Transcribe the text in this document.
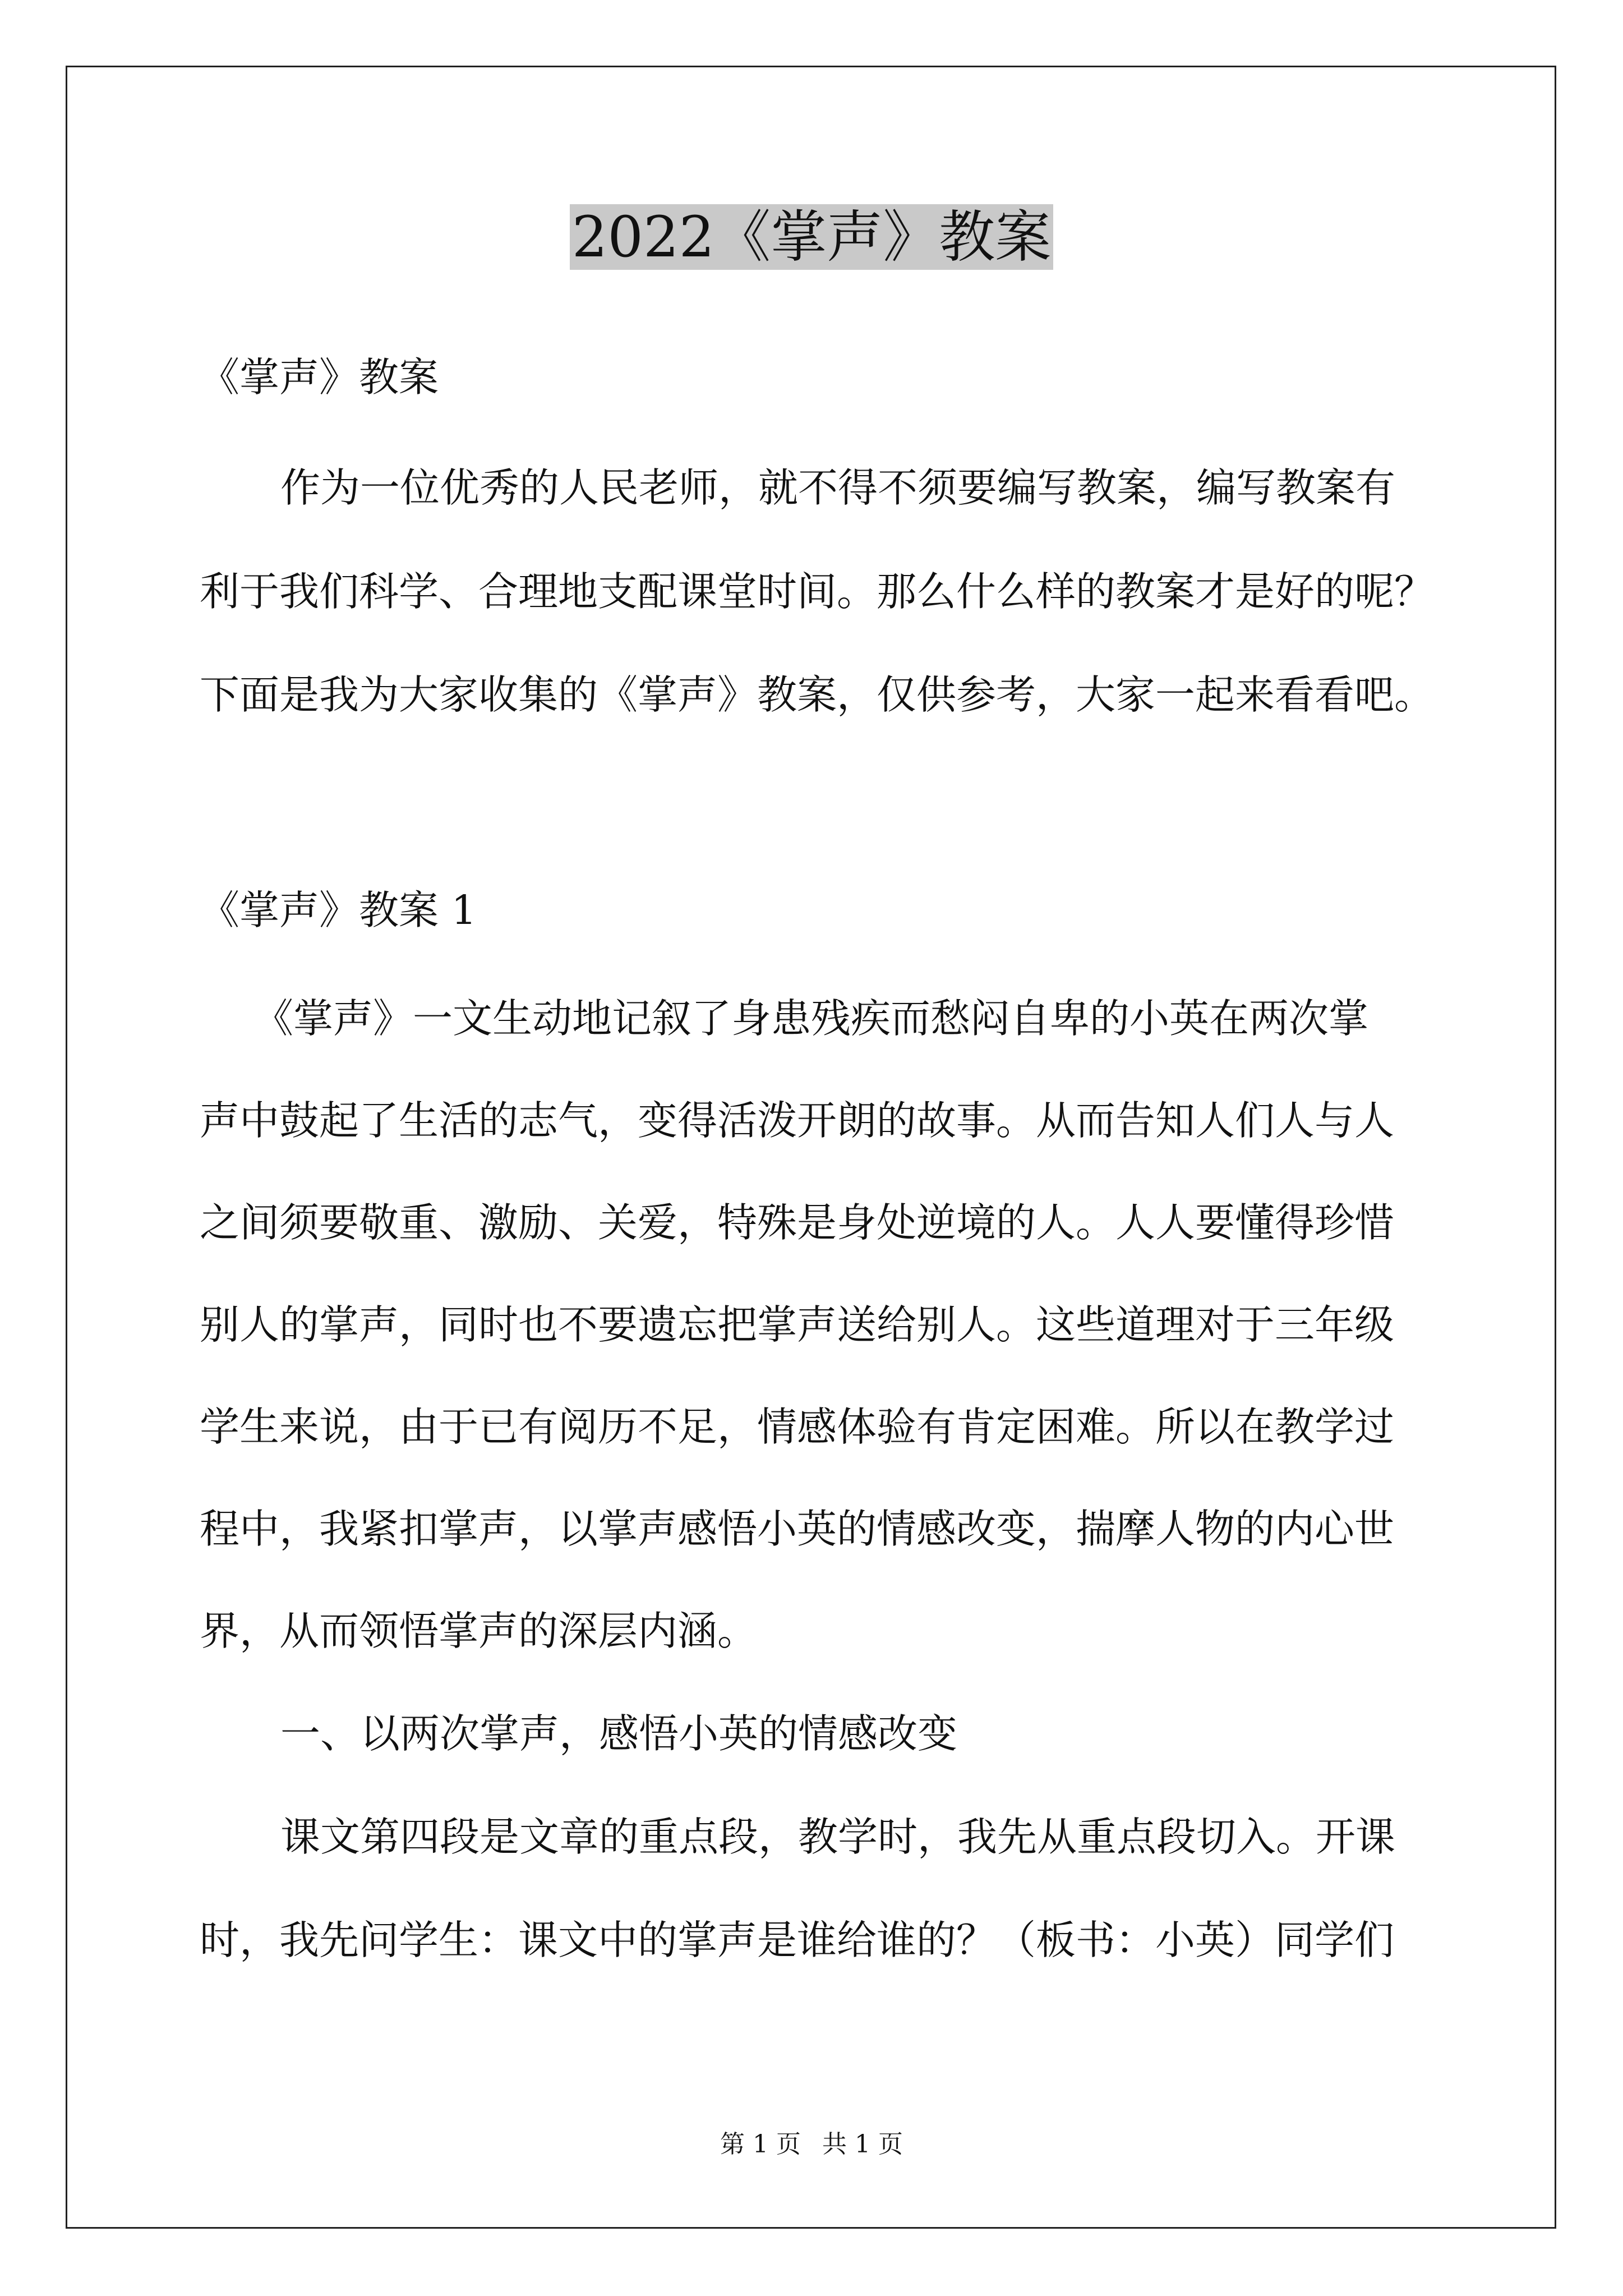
2022《掌声》教案
《掌声》教案
作为一位优秀的人民老师，就不得不须要编写教案，编写教案有
利于我们科学、合理地支配课堂时间。那么什么样的教案才是好的呢？
下面是我为大家收集的《掌声》教案，仅供参考，大家一起来看看吧。
《掌声》教案 1
《掌声》一文生动地记叙了身患残疾而愁闷自卑的小英在两次掌
声中鼓起了生活的志气，变得活泼开朗的故事。从而告知人们人与人
之间须要敬重、激励、关爱，特殊是身处逆境的人。人人要懂得珍惜
别人的掌声，同时也不要遗忘把掌声送给别人。这些道理对于三年级
学生来说，由于已有阅历不足，情感体验有肯定困难。所以在教学过
程中，我紧扣掌声，以掌声感悟小英的情感改变，揣摩人物的内心世
界，从而领悟掌声的深层内涵。
一、以两次掌声，感悟小英的情感改变
课文第四段是文章的重点段，教学时，我先从重点段切入。开课
时，我先问学生：课文中的掌声是谁给谁的？（板书：小英）同学们
第 1 页 共 1 页
